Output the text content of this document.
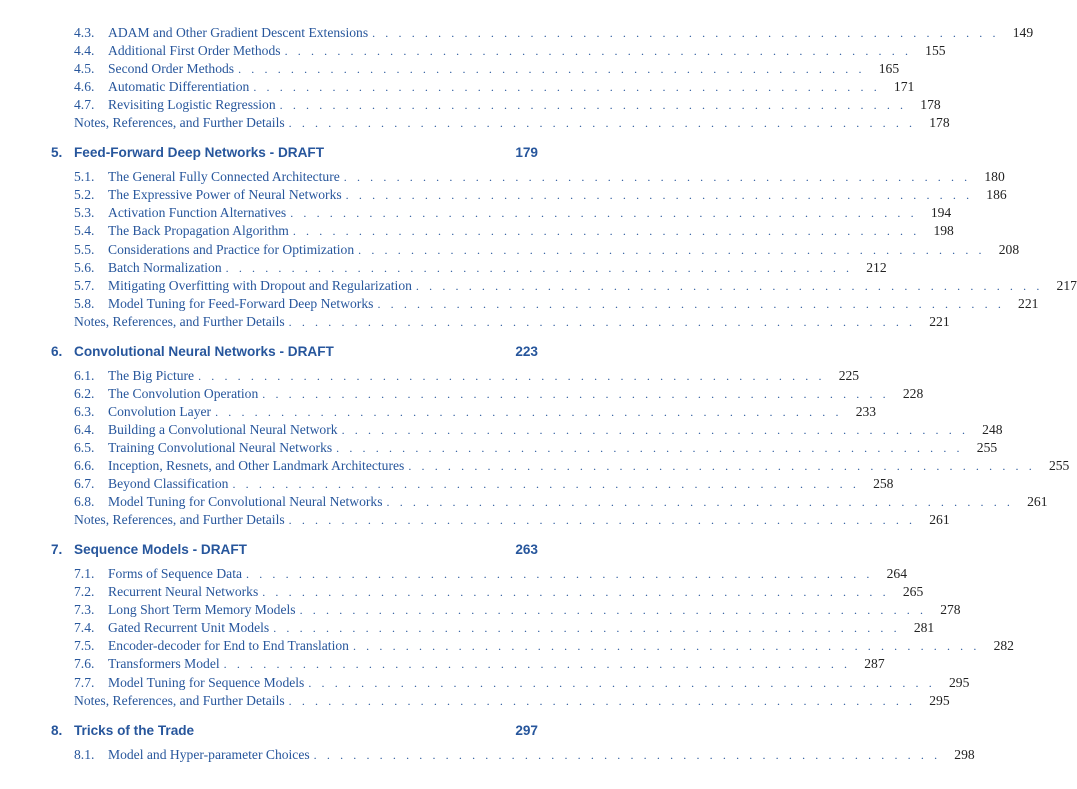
4.3.	ADAM and Other Gradient Descent Extensions . . . . . . . . . . . . . . . . . . . . . . . . . . . . . . . . . . . . . . . . . . . . . . . .	149
4.4.	Additional First Order Methods . . . . . . . . . . . . . . . . . . . . . . . . . . . . . . . . . . . . . . . . . . . . . . . .	155
4.5.	Second Order Methods . . . . . . . . . . . . . . . . . . . . . . . . . . . . . . . . . . . . . . . . . . . . . . . .	165
4.6.	Automatic Differentiation . . . . . . . . . . . . . . . . . . . . . . . . . . . . . . . . . . . . . . . . . . . . . . . .	171
4.7.	Revisiting Logistic Regression . . . . . . . . . . . . . . . . . . . . . . . . . . . . . . . . . . . . . . . . . . . . . . . .	178
Notes, References, and Further Details . . . . . . . . . . . . . . . . . . . . . . . . . . . . . . . . . . . . . . . . . . . . . . . .	178
5. Feed-Forward Deep Networks - DRAFT	179
5.1.	The General Fully Connected Architecture . . . . . . . . . . . . . . . . . . . . . . . . . . . . . . . . . . . . . . . . . . . . . . . .	180
5.2.	The Expressive Power of Neural Networks . . . . . . . . . . . . . . . . . . . . . . . . . . . . . . . . . . . . . . . . . . . . . . . .	186
5.3.	Activation Function Alternatives . . . . . . . . . . . . . . . . . . . . . . . . . . . . . . . . . . . . . . . . . . . . . . . .	194
5.4.	The Back Propagation Algorithm . . . . . . . . . . . . . . . . . . . . . . . . . . . . . . . . . . . . . . . . . . . . . . . .	198
5.5.	Considerations and Practice for Optimization . . . . . . . . . . . . . . . . . . . . . . . . . . . . . . . . . . . . . . . . . . . . . . . .	208
5.6.	Batch Normalization . . . . . . . . . . . . . . . . . . . . . . . . . . . . . . . . . . . . . . . . . . . . . . . .	212
5.7.	Mitigating Overfitting with Dropout and Regularization . . . . . . . . . . . . . . . . . . . . . . . . . . . . . . . . . . . . . . . . . . . . . . . .	217
5.8.	Model Tuning for Feed-Forward Deep Networks . . . . . . . . . . . . . . . . . . . . . . . . . . . . . . . . . . . . . . . . . . . . . . . .	221
Notes, References, and Further Details . . . . . . . . . . . . . . . . . . . . . . . . . . . . . . . . . . . . . . . . . . . . . . . .	221
6. Convolutional Neural Networks - DRAFT	223
6.1.	The Big Picture . . . . . . . . . . . . . . . . . . . . . . . . . . . . . . . . . . . . . . . . . . . . . . . .	225
6.2.	The Convolution Operation . . . . . . . . . . . . . . . . . . . . . . . . . . . . . . . . . . . . . . . . . . . . . . . .	228
6.3.	Convolution Layer . . . . . . . . . . . . . . . . . . . . . . . . . . . . . . . . . . . . . . . . . . . . . . . .	233
6.4.	Building a Convolutional Neural Network . . . . . . . . . . . . . . . . . . . . . . . . . . . . . . . . . . . . . . . . . . . . . . . .	248
6.5.	Training Convolutional Neural Networks . . . . . . . . . . . . . . . . . . . . . . . . . . . . . . . . . . . . . . . . . . . . . . . .	255
6.6.	Inception, Resnets, and Other Landmark Architectures . . . . . . . . . . . . . . . . . . . . . . . . . . . . . . . . . . . . . . . . . . . . . . . .	255
6.7.	Beyond Classification . . . . . . . . . . . . . . . . . . . . . . . . . . . . . . . . . . . . . . . . . . . . . . . .	258
6.8.	Model Tuning for Convolutional Neural Networks . . . . . . . . . . . . . . . . . . . . . . . . . . . . . . . . . . . . . . . . . . . . . . . .	261
Notes, References, and Further Details . . . . . . . . . . . . . . . . . . . . . . . . . . . . . . . . . . . . . . . . . . . . . . . .	261
7. Sequence Models - DRAFT	263
7.1.	Forms of Sequence Data . . . . . . . . . . . . . . . . . . . . . . . . . . . . . . . . . . . . . . . . . . . . . . . .	264
7.2.	Recurrent Neural Networks . . . . . . . . . . . . . . . . . . . . . . . . . . . . . . . . . . . . . . . . . . . . . . . .	265
7.3.	Long Short Term Memory Models . . . . . . . . . . . . . . . . . . . . . . . . . . . . . . . . . . . . . . . . . . . . . . . .	278
7.4.	Gated Recurrent Unit Models . . . . . . . . . . . . . . . . . . . . . . . . . . . . . . . . . . . . . . . . . . . . . . . .	281
7.5.	Encoder-decoder for End to End Translation . . . . . . . . . . . . . . . . . . . . . . . . . . . . . . . . . . . . . . . . . . . . . . . .	282
7.6.	Transformers Model . . . . . . . . . . . . . . . . . . . . . . . . . . . . . . . . . . . . . . . . . . . . . . . .	287
7.7.	Model Tuning for Sequence Models . . . . . . . . . . . . . . . . . . . . . . . . . . . . . . . . . . . . . . . . . . . . . . . .	295
Notes, References, and Further Details . . . . . . . . . . . . . . . . . . . . . . . . . . . . . . . . . . . . . . . . . . . . . . . .	295
8. Tricks of the Trade	297
8.1.	Model and Hyper-parameter Choices . . . . . . . . . . . . . . . . . . . . . . . . . . . . . . . . . . . . . . . . . . . . . . . .	298
